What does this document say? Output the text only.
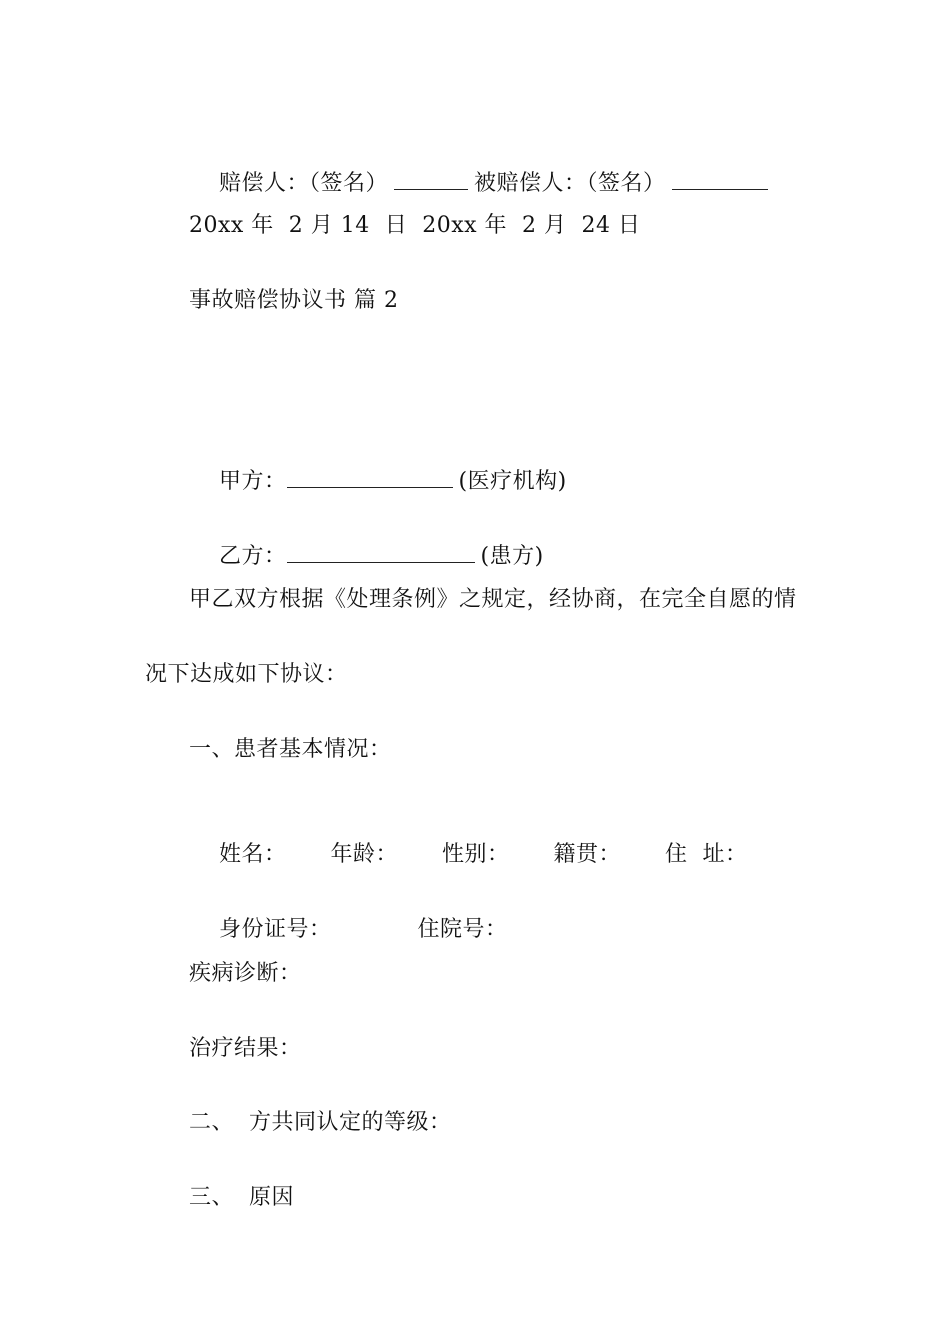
赔偿人：（签名）	被赔偿人：（签名）

20xx 年  2 月 14  日  20xx 年  2 月  24 日
事故赔偿协议书 篇 2

甲方：	(医疗机构)

乙方：	(患方)

甲乙双方根据《处理条例》之规定，经协商，在完全自愿的情
况下达成如下协议：
一、患者基本情况：

姓名： 年龄： 性别： 籍贯： 住  址：

身份证号：	住院号：

疾病诊断：
治疗结果：
二、  方共同认定的等级：
三、  原因
